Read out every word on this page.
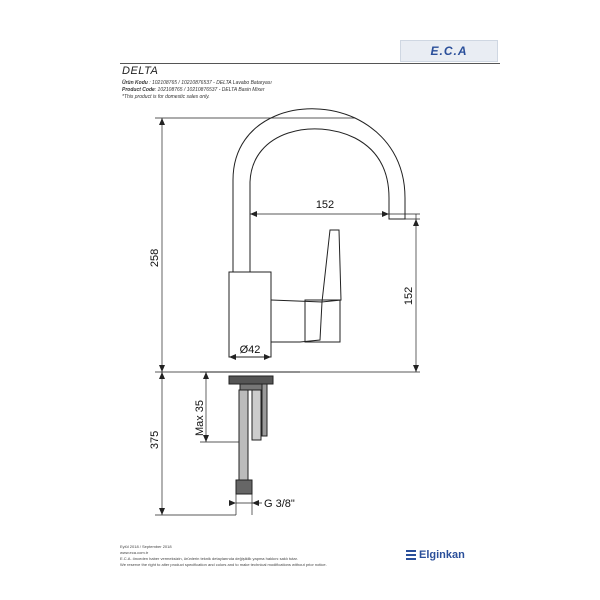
E.C.A
DELTA
Ürün Kodu : 102108765 / 10210876537 - DELTA Lavabo Bataryası
Product Code: 102108765 / 10210876537 - DELTA Basin Mixer
*This product is for domestic sales only.
258
375
Max 35
152
152
Ø42
G 3/8"
Eylül 2018 / September 2018
www.eca.com.tr
E.C.A. önceden haber vermeksizin, ürünlerin teknik detaylarında değişiklik yapma hakkını saklı tutar.
We reserve the right to alter product specification and colors and to make technical modifications without prior notice.
Elginkan
